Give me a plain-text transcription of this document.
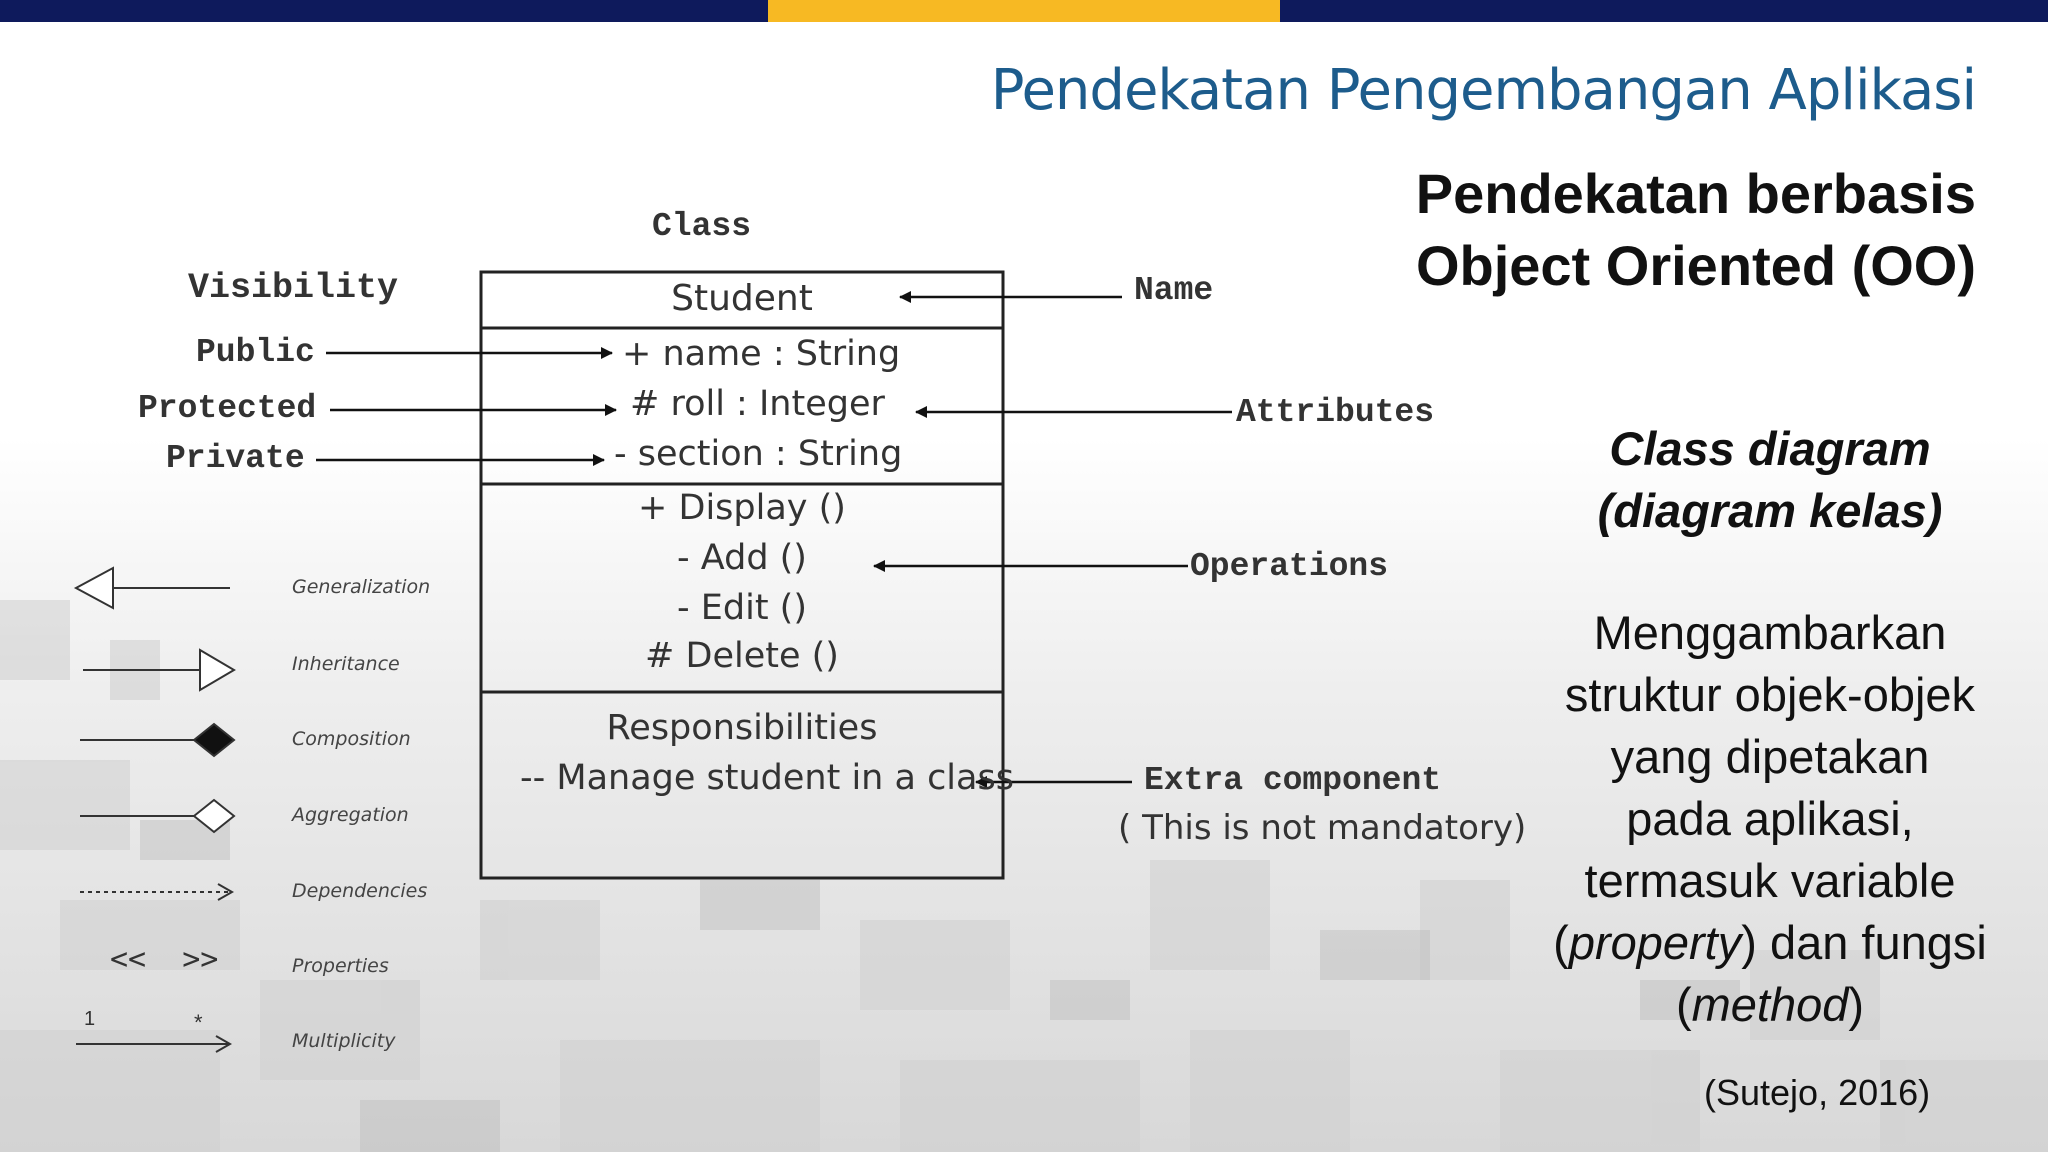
Pendekatan Pengembangan Aplikasi
Pendekatan berbasis
Object Oriented (OO)
Class diagram
(diagram kelas)
Menggambarkan
struktur objek-objek
yang dipetakan
pada aplikasi,
termasuk variable
(property) dan fungsi
(method)
(Sutejo, 2016)
Class
Visibility
Public
Protected
Private
Name
Attributes
Operations
Extra component
( This is not mandatory)
Student
+ name : String
# roll : Integer
- section : String
+ Display ()
- Add ()
- Edit ()
# Delete ()
Responsibilities
-- Manage student in a class
Generalization
Inheritance
Composition
Aggregation
Dependencies
Properties
<<  >>
Multiplicity
1	*
